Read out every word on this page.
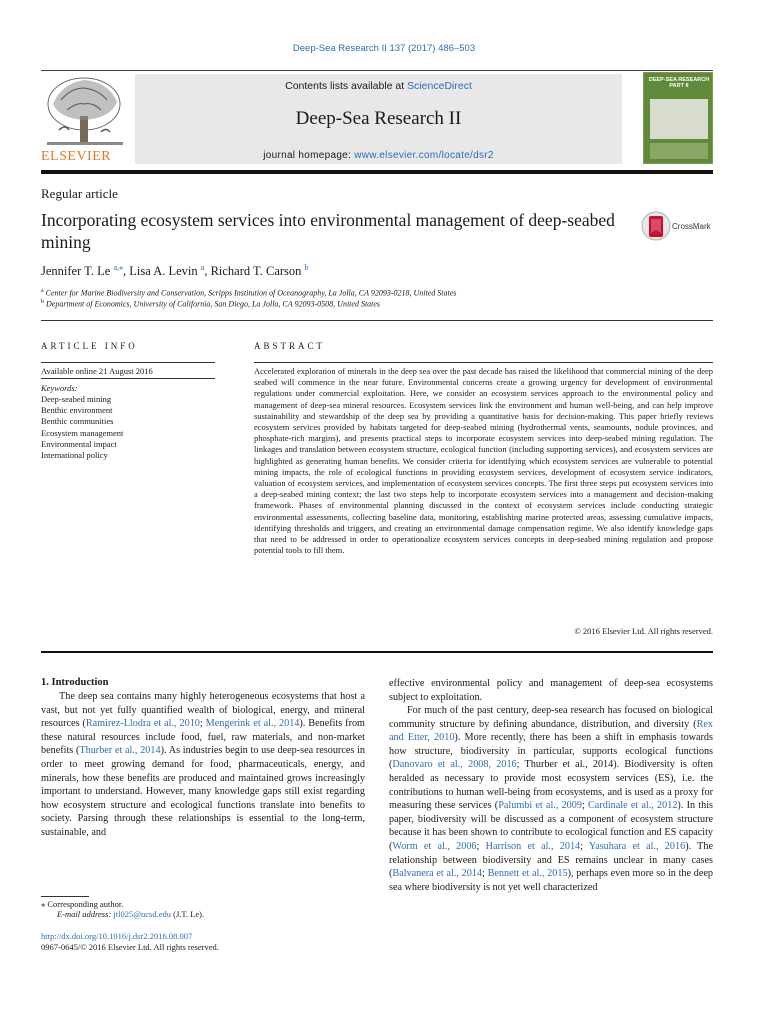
Deep-Sea Research II 137 (2017) 486–503
ELSEVIER
Contents lists available at ScienceDirect
Deep-Sea Research II
journal homepage: www.elsevier.com/locate/dsr2
DEEP-SEA RESEARCH
PART II
Regular article
Incorporating ecosystem services into environmental management of deep-seabed mining
CrossMark
Jennifer T. Le $^{a,⁎}$, Lisa A. Levin $^a$, Richard T. Carson $^b$
$^a$ Center for Marine Biodiversity and Conservation, Scripps Institution of Oceanography, La Jolla, CA 92093-0218, United States
$^b$ Department of Economics, University of California, San Diego, La Jolla, CA 92093-0508, United States
ARTICLE INFO	ABSTRACT
Available online 21 August 2016
Keywords:
Deep-seabed mining
Benthic environment
Benthic communities
Ecosystem management
Environmental impact
International policy
Accelerated exploration of minerals in the deep sea over the past decade has raised the likelihood that commercial mining of the deep seabed will commence in the near future. Environmental concerns create a growing urgency for development of environmental regulations under commercial exploitation. Here, we consider an ecosystem services approach to the environmental policy and management of deep-sea mineral resources. Ecosystem services link the environment and human well-being, and can help improve sustainability and stewardship of the deep sea by providing a quantitative basis for decision-making. This paper briefly reviews ecosystem services provided by habitats targeted for deep-seabed mining (hydrothermal vents, seamounts, nodule provinces, and phosphate-rich margins), and presents practical steps to incorporate ecosystem services into deep-seabed mining regulation. The linkages and translation between ecosystem structure, ecological function (including supporting services), and ecosystem services are highlighted as generating human benefits. We consider criteria for identifying which ecosystem services are vulnerable to potential mining impacts, the role of ecological functions in providing ecosystem services, development of ecosystem service indicators, valuation of ecosystem services, and implementation of ecosystem services concepts. The first three steps put ecosystem services into a deep-seabed mining context; the last two steps help to incorporate ecosystem services into a management and decision-making framework. Phases of environmental planning discussed in the context of ecosystem services include conducting strategic environmental assessments, collecting baseline data, monitoring, establishing marine protected areas, assessing cumulative impacts, identifying thresholds and triggers, and creating an environmental damage compensation regime. We also identify knowledge gaps that need to be addressed in order to operationalize ecosystem services concepts in deep-seabed mining regulation and propose potential tools to fill them.
© 2016 Elsevier Ltd. All rights reserved.
1. Introduction
The deep sea contains many highly heterogeneous ecosystems that host a vast, but not yet fully quantified wealth of biological, energy, and mineral resources (Ramirez-Llodra et al., 2010; Mengerink et al., 2014). Benefits from these natural resources include food, fuel, raw materials, and non-market benefits (Thurber et al., 2014). As industries begin to use deep-sea resources in order to meet growing demand for food, pharmaceuticals, energy, and minerals, how these benefits are produced and maintained grows increasingly important to understand. However, many knowledge gaps still exist regarding how ecosystem structure and ecological functions translate into benefits to society. Parsing through these relationships is essential to the long-term, sustainable, and
effective environmental policy and management of deep-sea ecosystems subject to exploitation.
For much of the past century, deep-sea research has focused on biological community structure by defining abundance, distribution, and diversity (Rex and Etter, 2010). More recently, there has been a shift in emphasis towards how structure, biodiversity in particular, supports ecological functions (Danovaro et al., 2008, 2016; Thurber et al., 2014). Biodiversity is often heralded as necessary to provide most ecosystem services (ES), i.e. the contributions to human well-being from ecosystems, and is used as a proxy for measuring these services (Palumbi et al., 2009; Cardinale et al., 2012). In this paper, biodiversity will be discussed as a component of ecosystem structure because it has been shown to contribute to ecological function and ES capacity (Worm et al., 2006; Harrison et al., 2014; Yasuhara et al., 2016). The relationship between biodiversity and ES remains unclear in many cases (Balvanera et al., 2014; Bennett et al., 2015), perhaps even more so in the deep sea where biodiversity is not yet well characterized
⁎ Corresponding author.
E-mail address: jtl025@ucsd.edu (J.T. Le).
http://dx.doi.org/10.1016/j.dsr2.2016.08.007
0967-0645/© 2016 Elsevier Ltd. All rights reserved.
